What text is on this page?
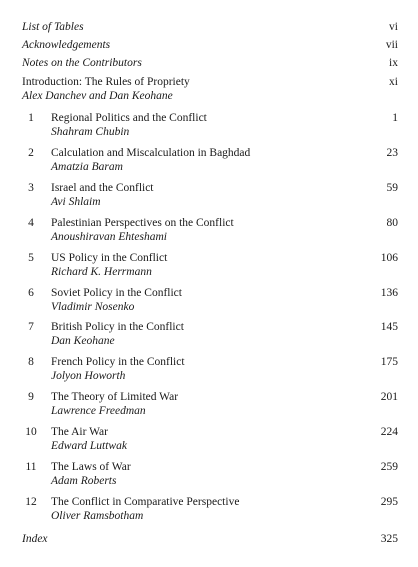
List of Tables	vi
Acknowledgements	vii
Notes on the Contributors	ix
Introduction: The Rules of Propriety	xi
Alex Danchev and Dan Keohane
1	Regional Politics and the Conflict	1
Shahram Chubin
2	Calculation and Miscalculation in Baghdad	23
Amatzia Baram
3	Israel and the Conflict	59
Avi Shlaim
4	Palestinian Perspectives on the Conflict	80
Anoushiravan Ehteshami
5	US Policy in the Conflict	106
Richard K. Herrmann
6	Soviet Policy in the Conflict	136
Vladimir Nosenko
7	British Policy in the Conflict	145
Dan Keohane
8	French Policy in the Conflict	175
Jolyon Howorth
9	The Theory of Limited War	201
Lawrence Freedman
10 The Air War	224
Edward Luttwak
11	The Laws of War	259
Adam Roberts
12 The Conflict in Comparative Perspective	295
Oliver Ramsbotham
Index	325
